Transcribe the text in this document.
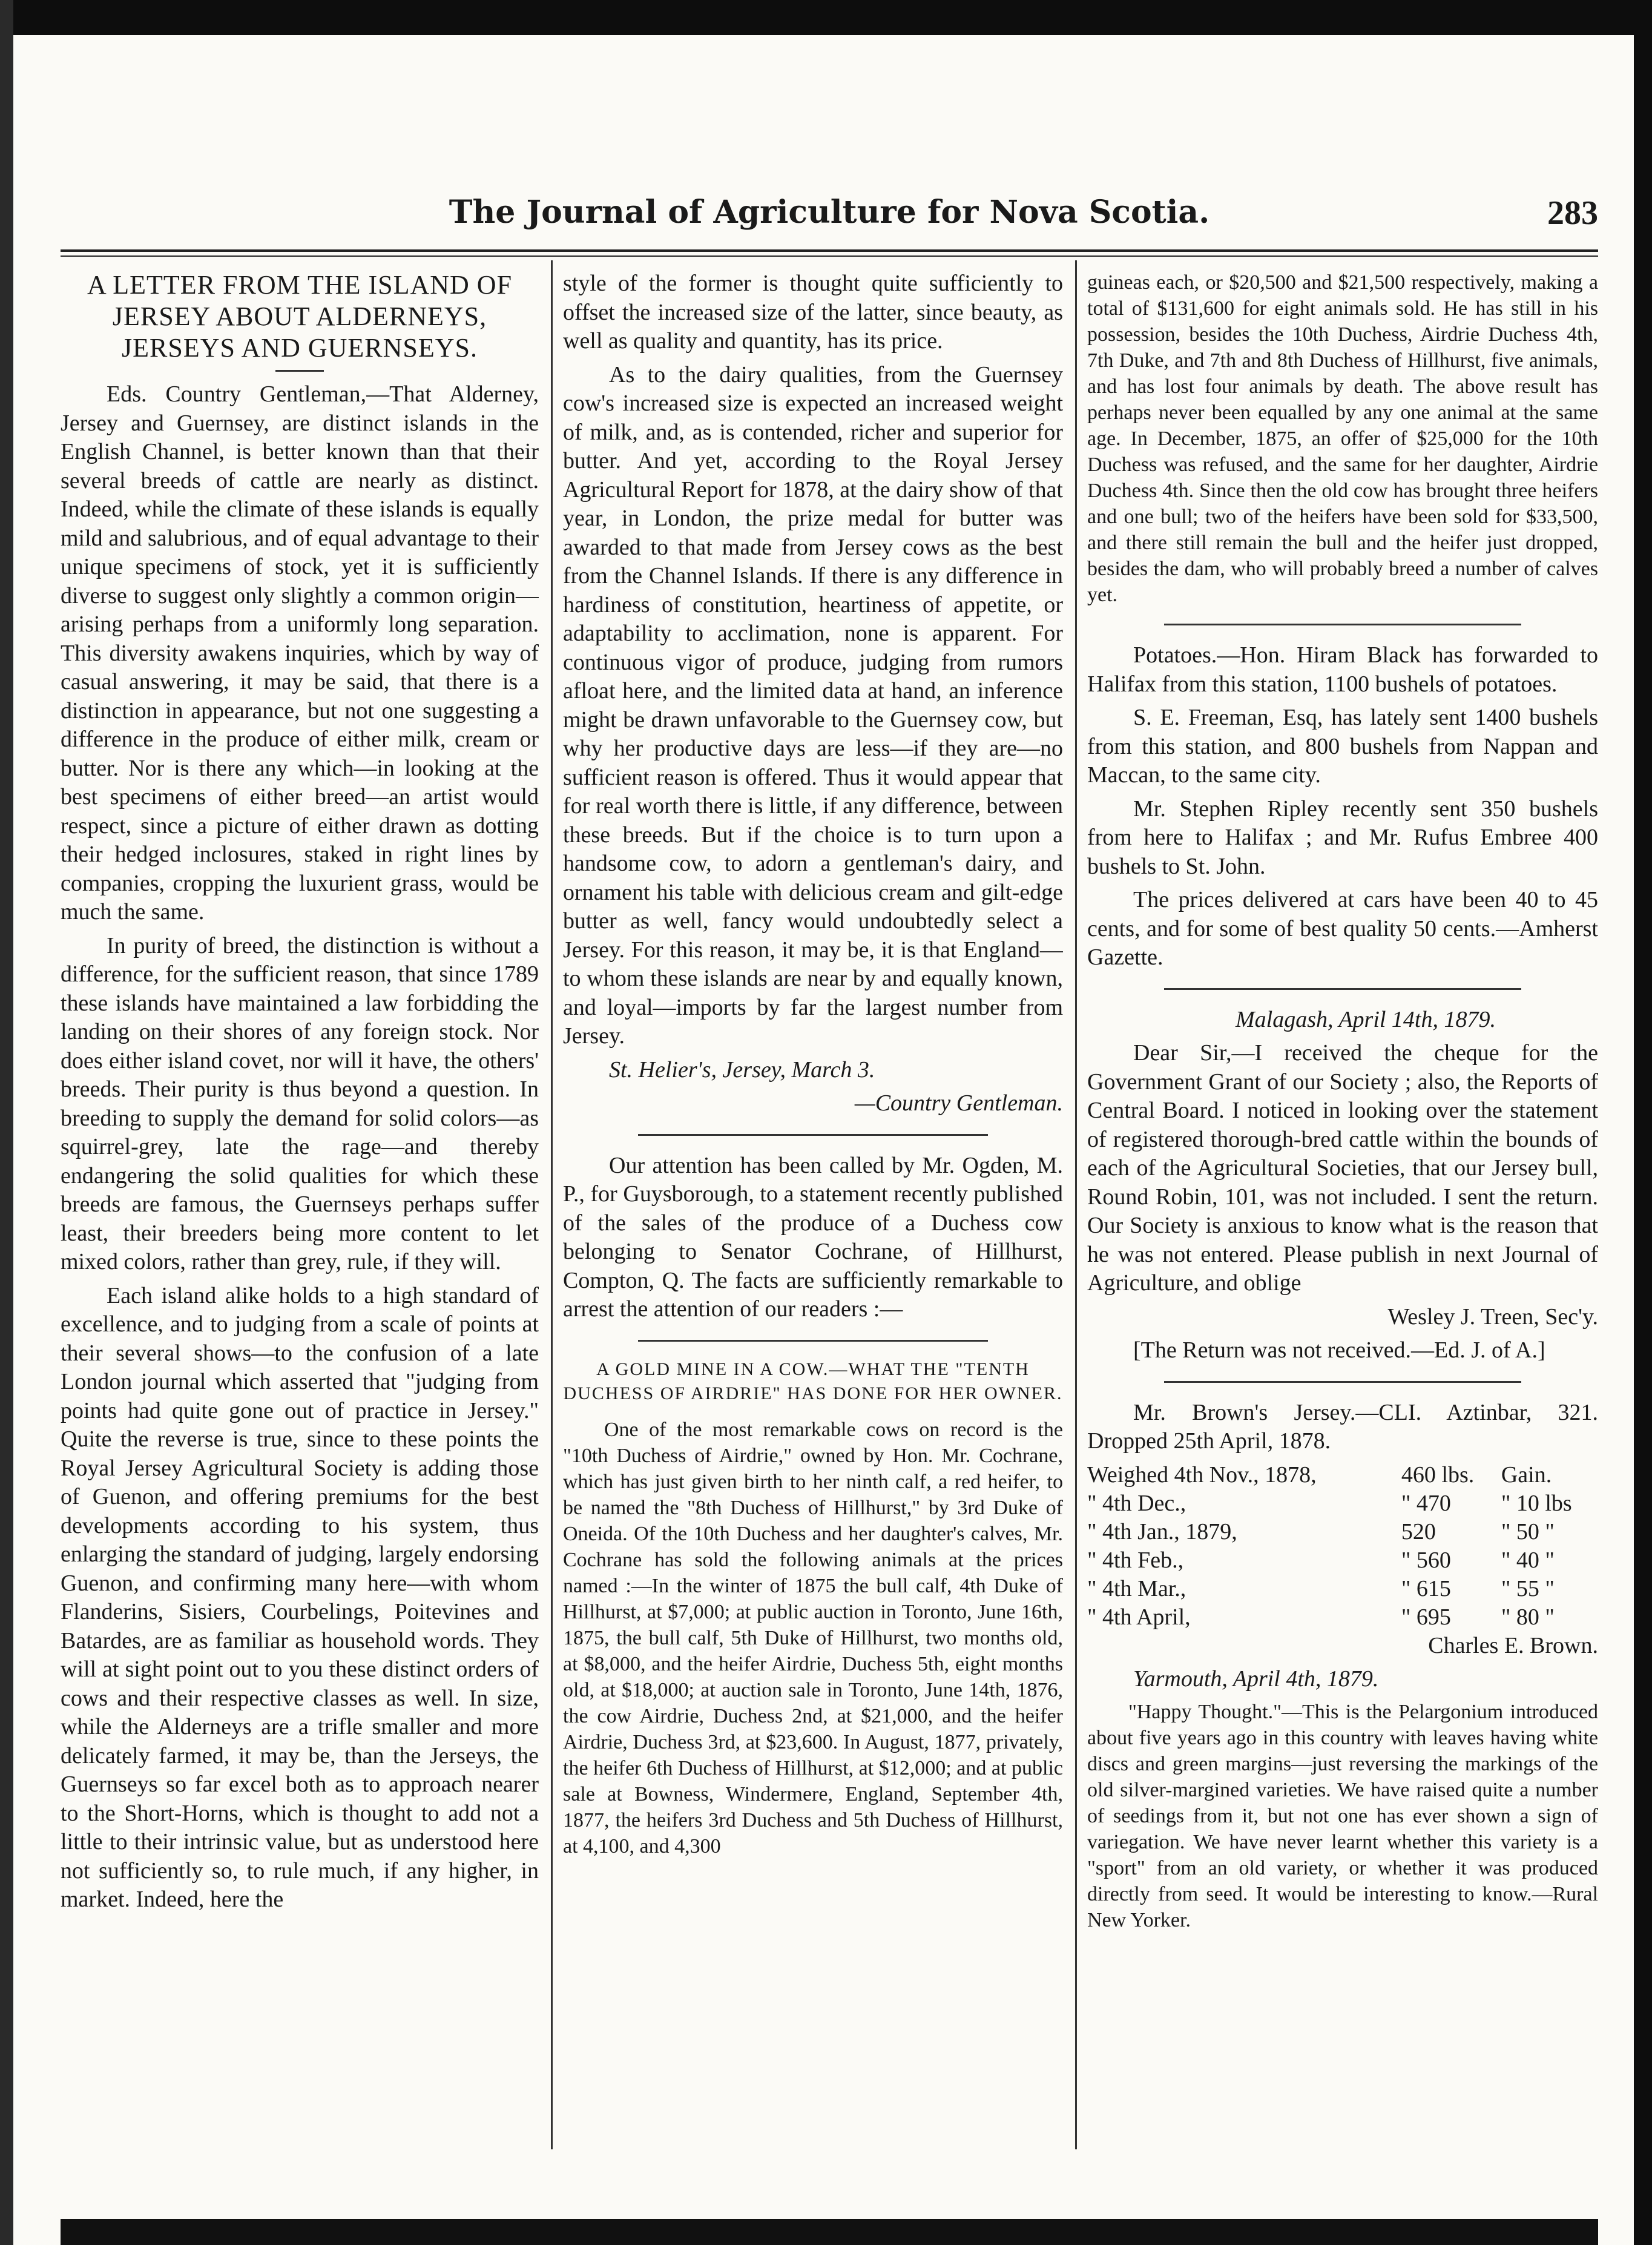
The Journal of Agriculture for Nova Scotia.	283
A LETTER FROM THE ISLAND OF JERSEY ABOUT ALDERNEYS, JERSEYS AND GUERNSEYS.

Eds. Country Gentleman,—That Alderney, Jersey and Guernsey, are distinct islands in the English Channel, is better known than that their several breeds of cattle are nearly as distinct. Indeed, while the climate of these islands is equally mild and salubrious, and of equal advantage to their unique specimens of stock, yet it is sufficiently diverse to suggest only slightly a common origin—arising perhaps from a uniformly long separation. This diversity awakens inquiries, which by way of casual answering, it may be said, that there is a distinction in appearance, but not one suggesting a difference in the produce of either milk, cream or butter. Nor is there any which—in looking at the best specimens of either breed—an artist would respect, since a picture of either drawn as dotting their hedged inclosures, staked in right lines by companies, cropping the luxurient grass, would be much the same.

In purity of breed, the distinction is without a difference, for the sufficient reason, that since 1789 these islands have maintained a law forbidding the landing on their shores of any foreign stock. Nor does either island covet, nor will it have, the others' breeds. Their purity is thus beyond a question. In breeding to supply the demand for solid colors—as squirrel-grey, late the rage—and thereby endangering the solid qualities for which these breeds are famous, the Guernseys perhaps suffer least, their breeders being more content to let mixed colors, rather than grey, rule, if they will.

Each island alike holds to a high standard of excellence, and to judging from a scale of points at their several shows—to the confusion of a late London journal which asserted that "judging from points had quite gone out of practice in Jersey." Quite the reverse is true, since to these points the Royal Jersey Agricultural Society is adding those of Guenon, and offering premiums for the best developments according to his system, thus enlarging the standard of judging, largely endorsing Guenon, and confirming many here—with whom Flanderins, Sisiers, Courbelings, Poitevines and Batardes, are as familiar as household words. They will at sight point out to you these distinct orders of cows and their respective classes as well. In size, while the Alderneys are a trifle smaller and more delicately farmed, it may be, than the Jerseys, the Guernseys so far excel both as to approach nearer to the Short-Horns, which is thought to add not a little to their intrinsic value, but as understood here not sufficiently so, to rule much, if any higher, in market. Indeed, here the

style of the former is thought quite sufficiently to offset the increased size of the latter, since beauty, as well as quality and quantity, has its price.

As to the dairy qualities, from the Guernsey cow's increased size is expected an increased weight of milk, and, as is contended, richer and superior for butter. And yet, according to the Royal Jersey Agricultural Report for 1878, at the dairy show of that year, in London, the prize medal for butter was awarded to that made from Jersey cows as the best from the Channel Islands. If there is any difference in hardiness of constitution, heartiness of appetite, or adaptability to acclimation, none is apparent. For continuous vigor of produce, judging from rumors afloat here, and the limited data at hand, an inference might be drawn unfavorable to the Guernsey cow, but why her productive days are less—if they are—no sufficient reason is offered. Thus it would appear that for real worth there is little, if any difference, between these breeds. But if the choice is to turn upon a handsome cow, to adorn a gentleman's dairy, and ornament his table with delicious cream and gilt-edge butter as well, fancy would undoubtedly select a Jersey. For this reason, it may be, it is that England—to whom these islands are near by and equally known, and loyal—imports by far the largest number from Jersey.

St. Helier's, Jersey, March 3.

—Country Gentleman.

Our attention has been called by Mr. Ogden, M. P., for Guysborough, to a statement recently published of the sales of the produce of a Duchess cow belonging to Senator Cochrane, of Hillhurst, Compton, Q. The facts are sufficiently remarkable to arrest the attention of our readers :—

A GOLD MINE IN A COW.—WHAT THE "TENTH DUCHESS OF AIRDRIE" HAS DONE FOR HER OWNER.

One of the most remarkable cows on record is the "10th Duchess of Airdrie," owned by Hon. Mr. Cochrane, which has just given birth to her ninth calf, a red heifer, to be named the "8th Duchess of Hillhurst," by 3rd Duke of Oneida. Of the 10th Duchess and her daughter's calves, Mr. Cochrane has sold the following animals at the prices named :—In the winter of 1875 the bull calf, 4th Duke of Hillhurst, at $7,000; at public auction in Toronto, June 16th, 1875, the bull calf, 5th Duke of Hillhurst, two months old, at $8,000, and the heifer Airdrie, Duchess 5th, eight months old, at $18,000; at auction sale in Toronto, June 14th, 1876, the cow Airdrie, Duchess 2nd, at $21,000, and the heifer Airdrie, Duchess 3rd, at $23,600. In August, 1877, privately, the heifer 6th Duchess of Hillhurst, at $12,000; and at public sale at Bowness, Windermere, England, September 4th, 1877, the heifers 3rd Duchess and 5th Duchess of Hillhurst, at 4,100, and 4,300

guineas each, or $20,500 and $21,500 respectively, making a total of $131,600 for eight animals sold. He has still in his possession, besides the 10th Duchess, Airdrie Duchess 4th, 7th Duke, and 7th and 8th Duchess of Hillhurst, five animals, and has lost four animals by death. The above result has perhaps never been equalled by any one animal at the same age. In December, 1875, an offer of $25,000 for the 10th Duchess was refused, and the same for her daughter, Airdrie Duchess 4th. Since then the old cow has brought three heifers and one bull; two of the heifers have been sold for $33,500, and there still remain the bull and the heifer just dropped, besides the dam, who will probably breed a number of calves yet.

Potatoes.—Hon. Hiram Black has forwarded to Halifax from this station, 1100 bushels of potatoes.

S. E. Freeman, Esq, has lately sent 1400 bushels from this station, and 800 bushels from Nappan and Maccan, to the same city.

Mr. Stephen Ripley recently sent 350 bushels from here to Halifax ; and Mr. Rufus Embree 400 bushels to St. John.

The prices delivered at cars have been 40 to 45 cents, and for some of best quality 50 cents.—Amherst Gazette.

Malagash, April 14th, 1879.

Dear Sir,—I received the cheque for the Government Grant of our Society ; also, the Reports of Central Board. I noticed in looking over the statement of registered thorough-bred cattle within the bounds of each of the Agricultural Societies, that our Jersey bull, Round Robin, 101, was not included. I sent the return. Our Society is anxious to know what is the reason that he was not entered. Please publish in next Journal of Agriculture, and oblige

Wesley J. Treen, Sec'y.

[The Return was not received.—Ed. J. of A.]

Mr. Brown's Jersey.—CLI. Aztinbar, 321. Dropped 25th April, 1878.

Weighed 4th Nov., 1878,	460 lbs.	Gain.
" 4th Dec.,	" 470	" 10 lbs
" 4th Jan., 1879,	520	" 50 "
" 4th Feb.,	" 560	" 40 "
" 4th Mar.,	" 615	" 55 "
" 4th April,	" 695	" 80 "

Charles E. Brown.

Yarmouth, April 4th, 1879.

"Happy Thought."—This is the Pelargonium introduced about five years ago in this country with leaves having white discs and green margins—just reversing the markings of the old silver-margined varieties. We have raised quite a number of seedings from it, but not one has ever shown a sign of variegation. We have never learnt whether this variety is a "sport" from an old variety, or whether it was produced directly from seed. It would be interesting to know.—Rural New Yorker.
